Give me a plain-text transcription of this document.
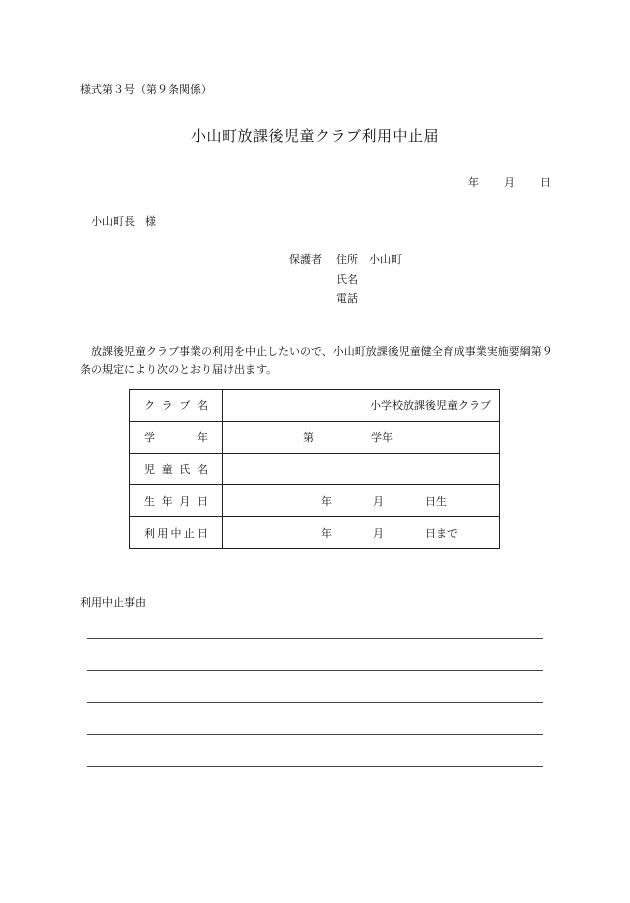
様式第３号（第９条関係）
小山町放課後児童クラブ利用中止届
年 月 日
小山町長 様
保護者 住所 小山町
氏名
電話
放課後児童クラブ事業の利用を中止したいので、小山町放課後児童健全育成事業実施要綱第９条の規定により次のとおり届け出ます。
ク ラ ブ 名	小学校放課後児童クラブ

学 年	第 学年

児 童 氏 名	

生 年 月 日	年 月 日生

利 用 中 止 日	年 月 日まで
利用中止事由
